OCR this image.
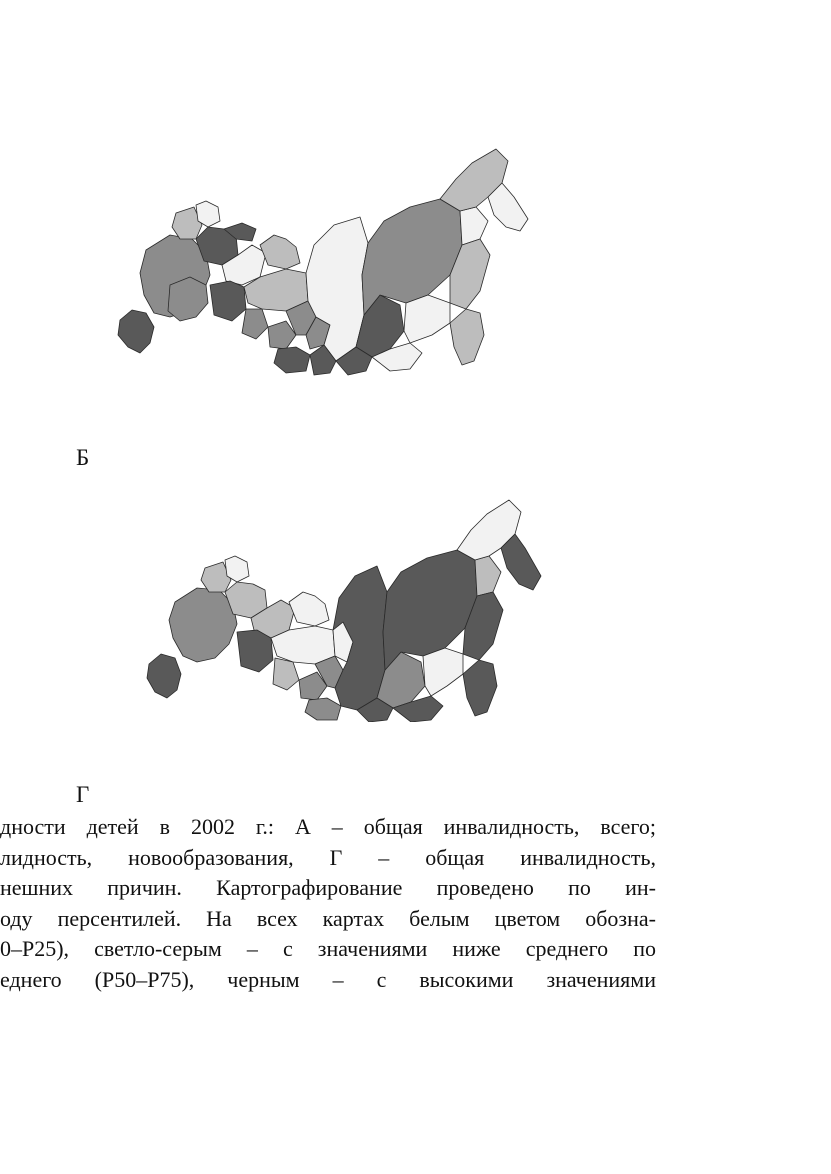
Б
Г
дности детей в 2002 г.: А – общая инвалидность, всего;
лидность, новообразования, Г – общая инвалидность,
нешних причин. Картографирование проведено по ин-
оду персентилей. На всех картах белым цветом обозна-
0–P25), светло-серым – с значениями ниже среднего по
еднего (P50–P75), черным – с высокими значениями
